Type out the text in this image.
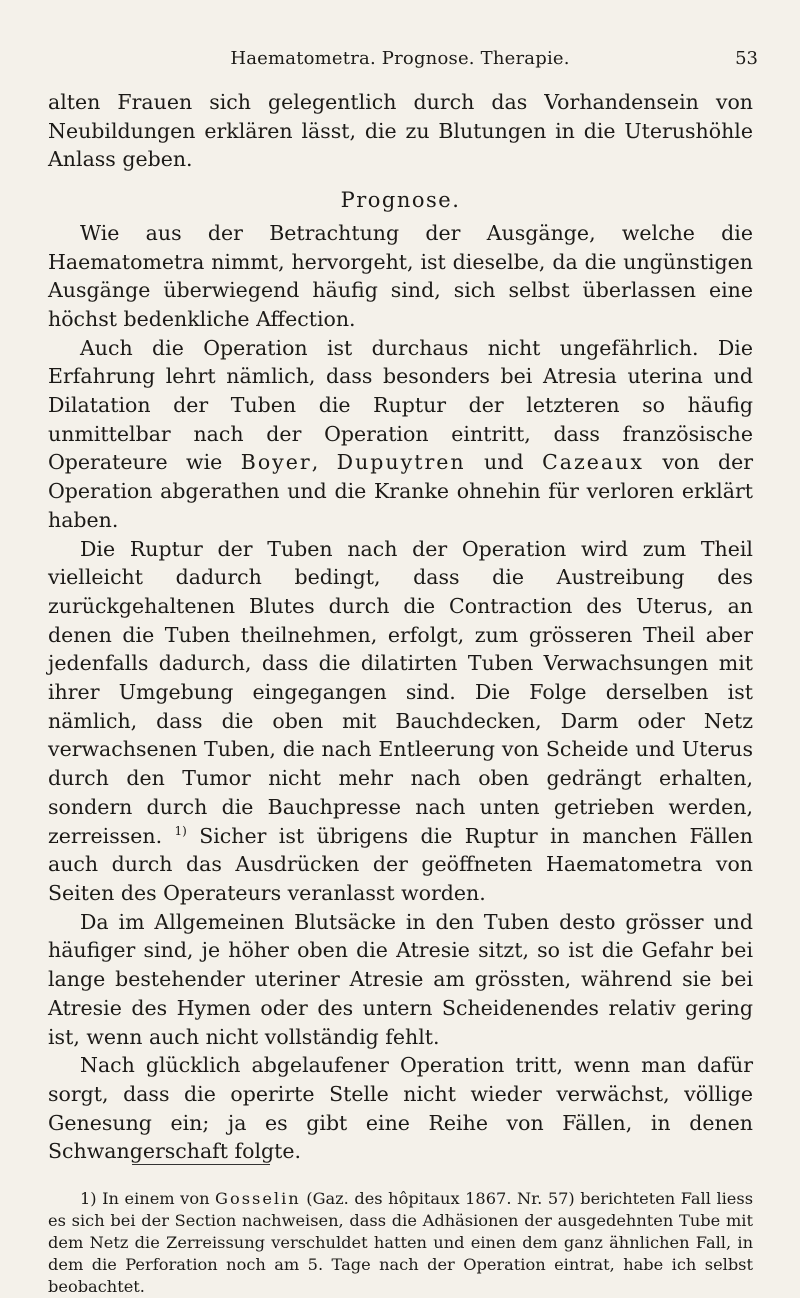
Haematometra. Prognose. Therapie.	53

alten Frauen sich gelegentlich durch das Vorhandensein von Neubildungen erklären lässt, die zu Blutungen in die Uterushöhle Anlass geben.

Prognose.

Wie aus der Betrachtung der Ausgänge, welche die Haematometra nimmt, hervorgeht, ist dieselbe, da die ungünstigen Ausgänge überwiegend häufig sind, sich selbst überlassen eine höchst bedenkliche Affection.

Auch die Operation ist durchaus nicht ungefährlich. Die Erfahrung lehrt nämlich, dass besonders bei Atresia uterina und Dilatation der Tuben die Ruptur der letzteren so häufig unmittelbar nach der Operation eintritt, dass französische Operateure wie Boyer, Dupuytren und Cazeaux von der Operation abgerathen und die Kranke ohnehin für verloren erklärt haben.

Die Ruptur der Tuben nach der Operation wird zum Theil vielleicht dadurch bedingt, dass die Austreibung des zurückgehaltenen Blutes durch die Contraction des Uterus, an denen die Tuben theilnehmen, erfolgt, zum grösseren Theil aber jedenfalls dadurch, dass die dilatirten Tuben Verwachsungen mit ihrer Umgebung eingegangen sind. Die Folge derselben ist nämlich, dass die oben mit Bauchdecken, Darm oder Netz verwachsenen Tuben, die nach Entleerung von Scheide und Uterus durch den Tumor nicht mehr nach oben gedrängt erhalten, sondern durch die Bauchpresse nach unten getrieben werden, zerreissen. $^{1)}$ Sicher ist übrigens die Ruptur in manchen Fällen auch durch das Ausdrücken der geöffneten Haematometra von Seiten des Operateurs veranlasst worden.

Da im Allgemeinen Blutsäcke in den Tuben desto grösser und häufiger sind, je höher oben die Atresie sitzt, so ist die Gefahr bei lange bestehender uteriner Atresie am grössten, während sie bei Atresie des Hymen oder des untern Scheidenendes relativ gering ist, wenn auch nicht vollständig fehlt.

Nach glücklich abgelaufener Operation tritt, wenn man dafür sorgt, dass die operirte Stelle nicht wieder verwächst, völlige Genesung ein; ja es gibt eine Reihe von Fällen, in denen Schwangerschaft folgte.

1) In einem von Gosselin (Gaz. des hôpitaux 1867. Nr. 57) berichteten Fall liess es sich bei der Section nachweisen, dass die Adhäsionen der ausgedehnten Tube mit dem Netz die Zerreissung verschuldet hatten und einen dem ganz ähnlichen Fall, in dem die Perforation noch am 5. Tage nach der Operation eintrat, habe ich selbst beobachtet.
